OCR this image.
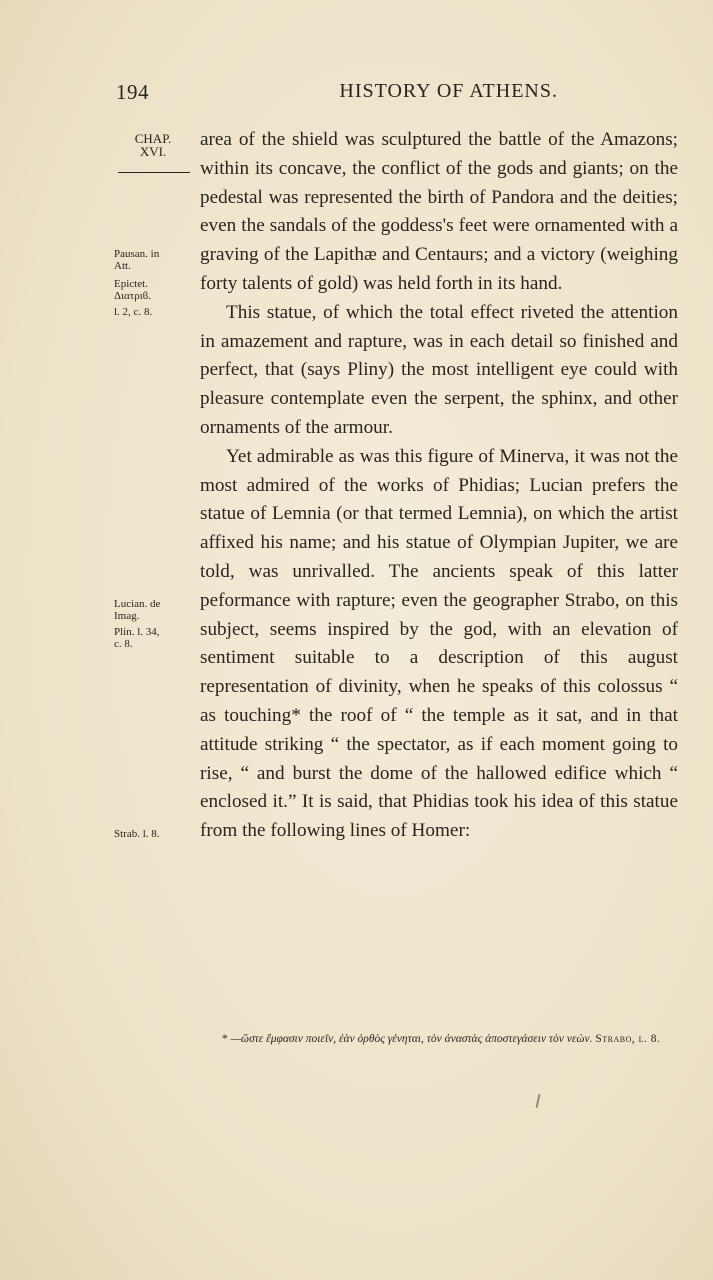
194	HISTORY OF ATHENS.
CHAP.
XVI.
Pausan. in
Att.
Epictet.
Διατριϐ.
l. 2, c. 8.
Lucian. de
Imag.
Plin. l. 34,
c. 8.
Strab. l. 8.

area of the shield was sculptured the battle of the Amazons; within its concave, the conflict of the gods and giants; on the pedestal was represented the birth of Pandora and the deities; even the sandals of the goddess's feet were ornamented with a graving of the Lapithæ and Centaurs; and a victory (weighing forty talents of gold) was held forth in its hand.

This statue, of which the total effect riveted the attention in amazement and rapture, was in each detail so finished and perfect, that (says Pliny) the most intelligent eye could with pleasure contemplate even the serpent, the sphinx, and other ornaments of the armour.

Yet admirable as was this figure of Minerva, it was not the most admired of the works of Phidias; Lucian prefers the statue of Lemnia (or that termed Lemnia), on which the artist affixed his name; and his statue of Olympian Jupiter, we are told, was unrivalled. The ancients speak of this latter peformance with rapture; even the geographer Strabo, on this subject, seems inspired by the god, with an elevation of sentiment suitable to a description of this august representation of divinity, when he speaks of this colossus “ as touching* the roof of “ the temple as it sat, and in that attitude striking “ the spectator, as if each moment going to rise, “ and burst the dome of the hallowed edifice which “ enclosed it.” It is said, that Phidias took his idea of this statue from the following lines of Homer:

* —ὥστε ἔμφασιν ποιεῖν, ἐὰν ὀρθὸς γένηται, τὸν ἀναστὰς ἀποστεγάσειν τὸν νεὼν. Strabo, l. 8.
